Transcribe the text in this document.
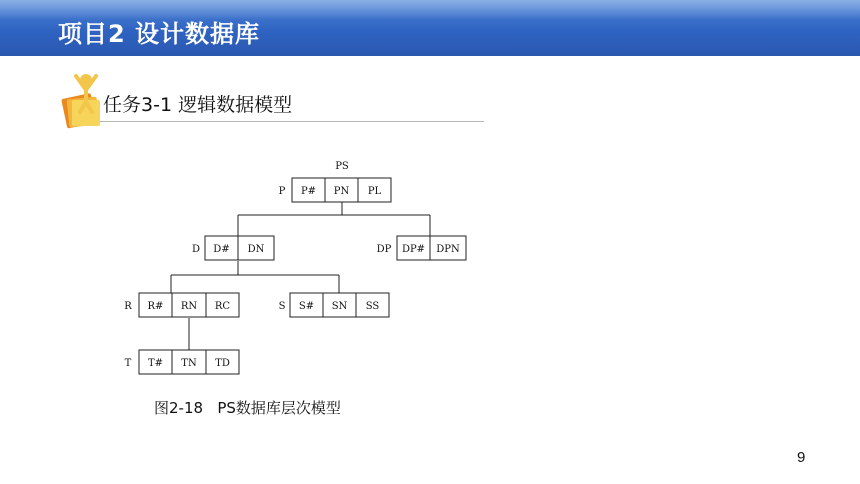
项目2 设计数据库
任务3-1 逻辑数据模型
PS
P P# PN PL
D D# DN	DP DP# DPN
R R# RN RC	S S# SN SS
T T# TN TD
图2-18   PS数据库层次模型
9
